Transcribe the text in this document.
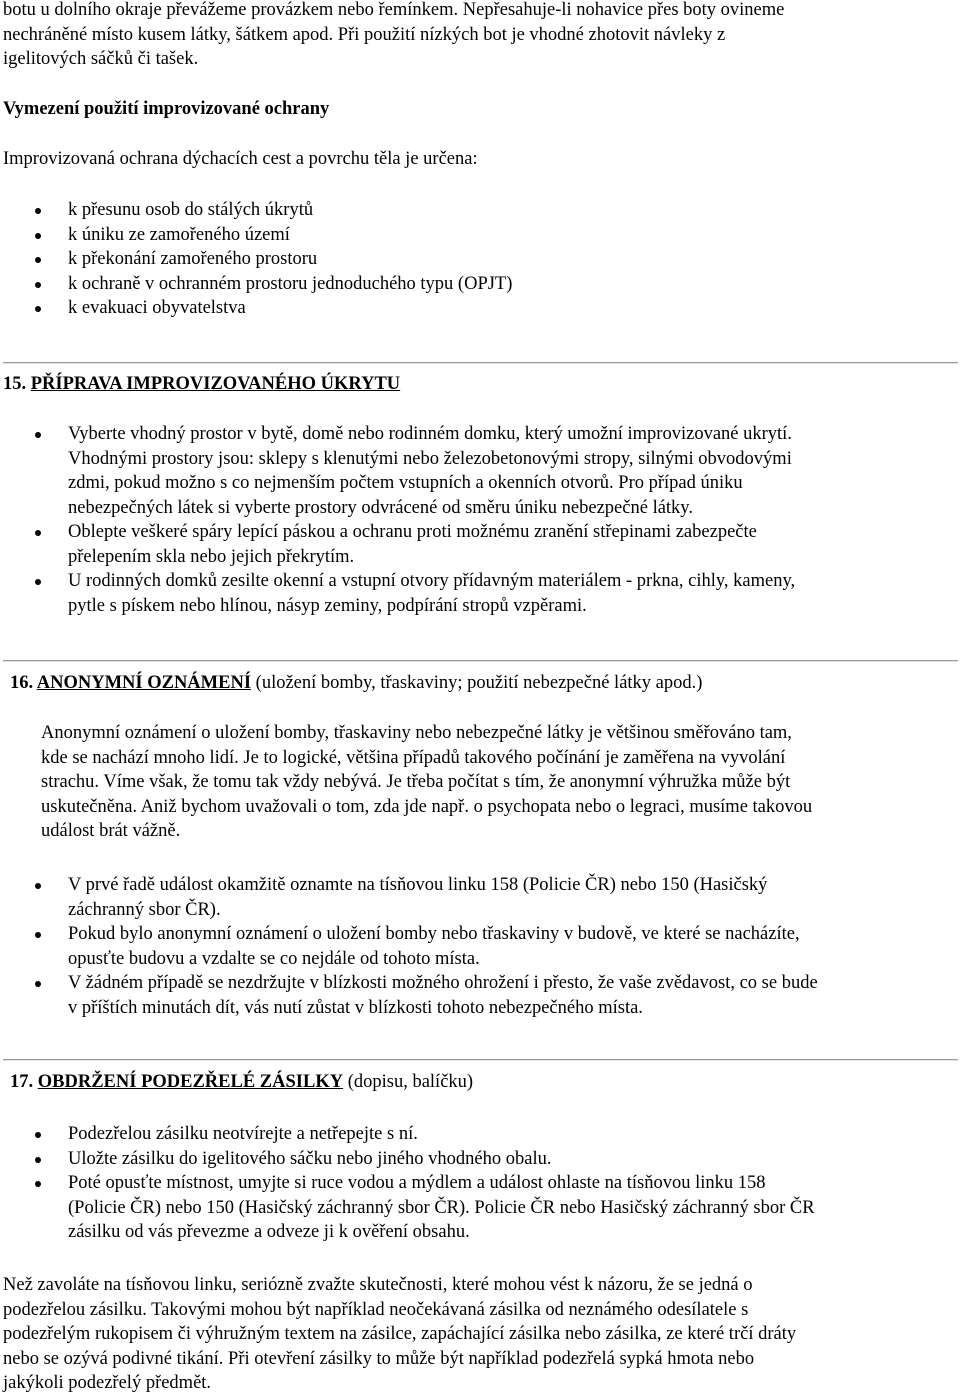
botu u dolního okraje převážeme provázkem nebo řemínkem. Nepřesahuje-li nohavice přes boty ovineme

nechráněné místo kusem látky, šátkem apod. Při použití nízkých bot je vhodné zhotovit návleky z

igelitových sáčků či tašek.

Vymezení použití improvizované ochrany

Improvizovaná ochrana dýchacích cest a povrchu těla je určena:

k přesunu osob do stálých úkrytů
k úniku ze zamořeného území
k překonání zamořeného prostoru
k ochraně v ochranném prostoru jednoduchého typu (OPJT)
k evakuaci obyvatelstva

15. PŘÍPRAVA IMPROVIZOVANÉHO ÚKRYTU

Vyberte vhodný prostor v bytě, domě nebo rodinném domku, který umožní improvizované ukrytí.

Vhodnými prostory jsou: sklepy s klenutými nebo železobetonovými stropy, silnými obvodovými

zdmi, pokud možno s co nejmenším počtem vstupních a okenních otvorů. Pro případ úniku

nebezpečných látek si vyberte prostory odvrácené od směru úniku nebezpečné látky.

Oblepte veškeré spáry lepící páskou a ochranu proti možnému zranění střepinami zabezpečte

přelepením skla nebo jejich překrytím.

U rodinných domků zesilte okenní a vstupní otvory přídavným materiálem - prkna, cihly, kameny,

pytle s pískem nebo hlínou, násyp zeminy, podpírání stropů vzpěrami.

16. ANONYMNÍ OZNÁMENÍ (uložení bomby, třaskaviny; použití nebezpečné látky apod.)

Anonymní oznámení o uložení bomby, třaskaviny nebo nebezpečné látky je většinou směřováno tam,

kde se nachází mnoho lidí. Je to logické, většina případů takového počínání je zaměřena na vyvolání

strachu. Víme však, že tomu tak vždy nebývá. Je třeba počítat s tím, že anonymní výhružka může být

uskutečněna. Aniž bychom uvažovali o tom, zda jde např. o psychopata nebo o legraci, musíme takovou

událost brát vážně.

V prvé řadě událost okamžitě oznamte na tísňovou linku 158 (Policie ČR) nebo 150 (Hasičský

záchranný sbor ČR).

Pokud bylo anonymní oznámení o uložení bomby nebo třaskaviny v budově, ve které se nacházíte,

opusťte budovu a vzdalte se co nejdále od tohoto místa.

V žádném případě se nezdržujte v blízkosti možného ohrožení i přesto, že vaše zvědavost, co se bude

v příštích minutách dít, vás nutí zůstat v blízkosti tohoto nebezpečného místa.

17. OBDRŽENÍ PODEZŘELÉ ZÁSILKY (dopisu, balíčku)

Podezřelou zásilku neotvírejte a netřepejte s ní.

Uložte zásilku do igelitového sáčku nebo jiného vhodného obalu.

Poté opusťte místnost, umyjte si ruce vodou a mýdlem a událost ohlaste na tísňovou linku 158

(Policie ČR) nebo 150 (Hasičský záchranný sbor ČR). Policie ČR nebo Hasičský záchranný sbor ČR

zásilku od vás převezme a odveze ji k ověření obsahu.

Než zavoláte na tísňovou linku, seriózně zvažte skutečnosti, které mohou vést k názoru, že se jedná o

podezřelou zásilku. Takovými mohou být například neočekávaná zásilka od neznámého odesílatele s

podezřelým rukopisem či výhružným textem na zásilce, zapáchající zásilka nebo zásilka, ze které trčí dráty

nebo se ozývá podivné tikání. Při otevření zásilky to může být například podezřelá sypká hmota nebo

jakýkoli podezřelý předmět.
